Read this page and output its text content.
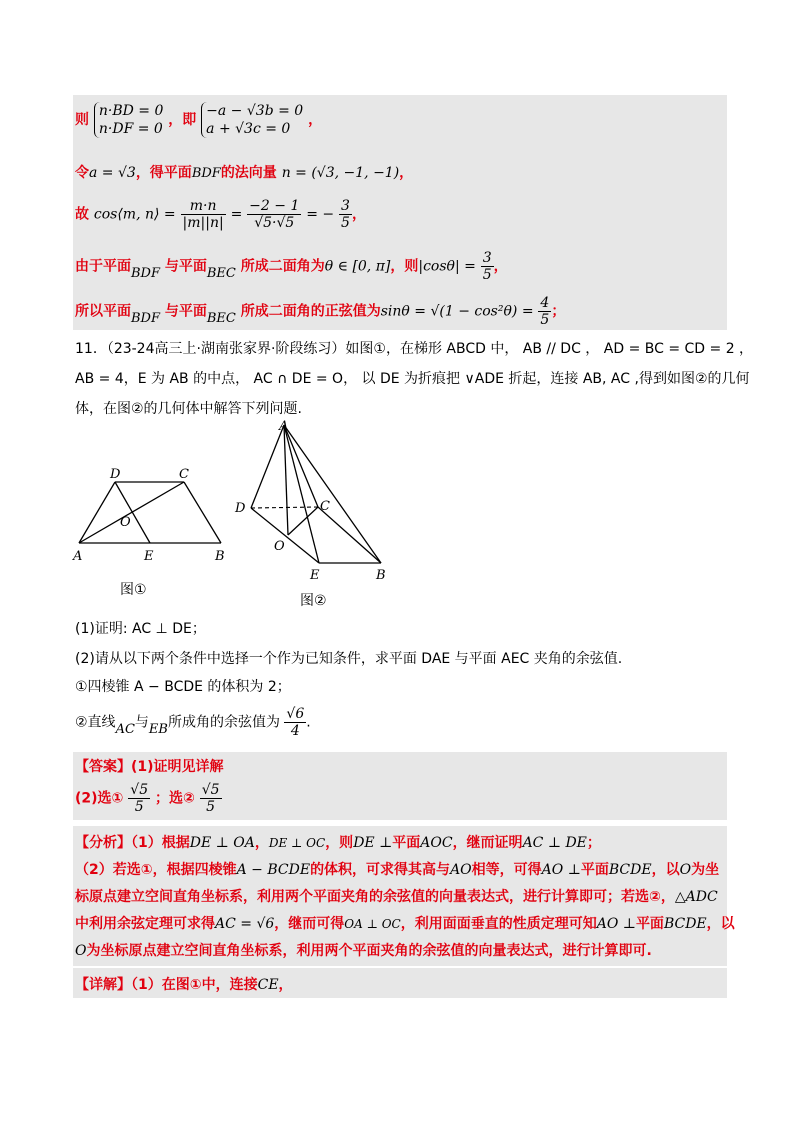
则 n·BD = 0
n·DF = 0 ，即 −a − √3b = 0
a + √3c = 0 ，
令a = √3，得平面BDF的法向量 n = (√3, −1, −1)，
故 cos⟨m, n⟩ = $\frac{m\cdot n}{|m||n|} = \frac{-2 - 1}{√5\cdot√5}$ = − $\frac{3}{5}$ ，
由于平面BDF 与平面BEC 所成二面角为θ ∈ [0, π]，则$|\cos\theta| = \frac{3}{5}$ ，
所以平面BDF 与平面BEC 所成二面角的正弦值为$\sin\theta = √(1 - \cos^2\theta) = \frac{4}{5}$ ；
11．（23-24高三上·湖南张家界·阶段练习）如图①，在梯形 ABCD 中， AB // DC ， AD = BC = CD = 2 ，
AB = 4，E 为 AB 的中点， AC ∩ DE = O， 以 DE 为折痕把 ∨ADE 折起，连接 AB, AC ,得到如图②的几何
体，在图②的几何体中解答下列问题.
D	C
O
A	E	B
图①
A
D	C
O
E	B
图②
(1)证明: AC ⊥ DE；
(2)请从以下两个条件中选择一个作为已知条件，求平面 DAE 与平面 AEC 夹角的余弦值.
①四棱锥 A − BCDE 的体积为 2；
②直线AC与EB所成角的余弦值为 $\frac{√6}{4}$ .
【答案】(1)证明见详解
(2)选① $\frac{√5}{5}$ ；选② $\frac{√5}{5}$
【分析】（1）根据DE ⊥ OA，DE ⊥ OC，则DE ⊥平面AOC，继而证明AC ⊥ DE；
（2）若选①，根据四棱锥A − BCDE的体积，可求得其高与AO相等，可得AO ⊥平面BCDE，以O为坐
标原点建立空间直角坐标系，利用两个平面夹角的余弦值的向量表达式，进行计算即可；若选②，△ADC
中利用余弦定理可求得AC = √6，继而可得OA ⊥ OC，利用面面垂直的性质定理可知AO ⊥平面BCDE，以
O为坐标原点建立空间直角坐标系，利用两个平面夹角的余弦值的向量表达式，进行计算即可.
【详解】（1）在图①中，连接CE，
